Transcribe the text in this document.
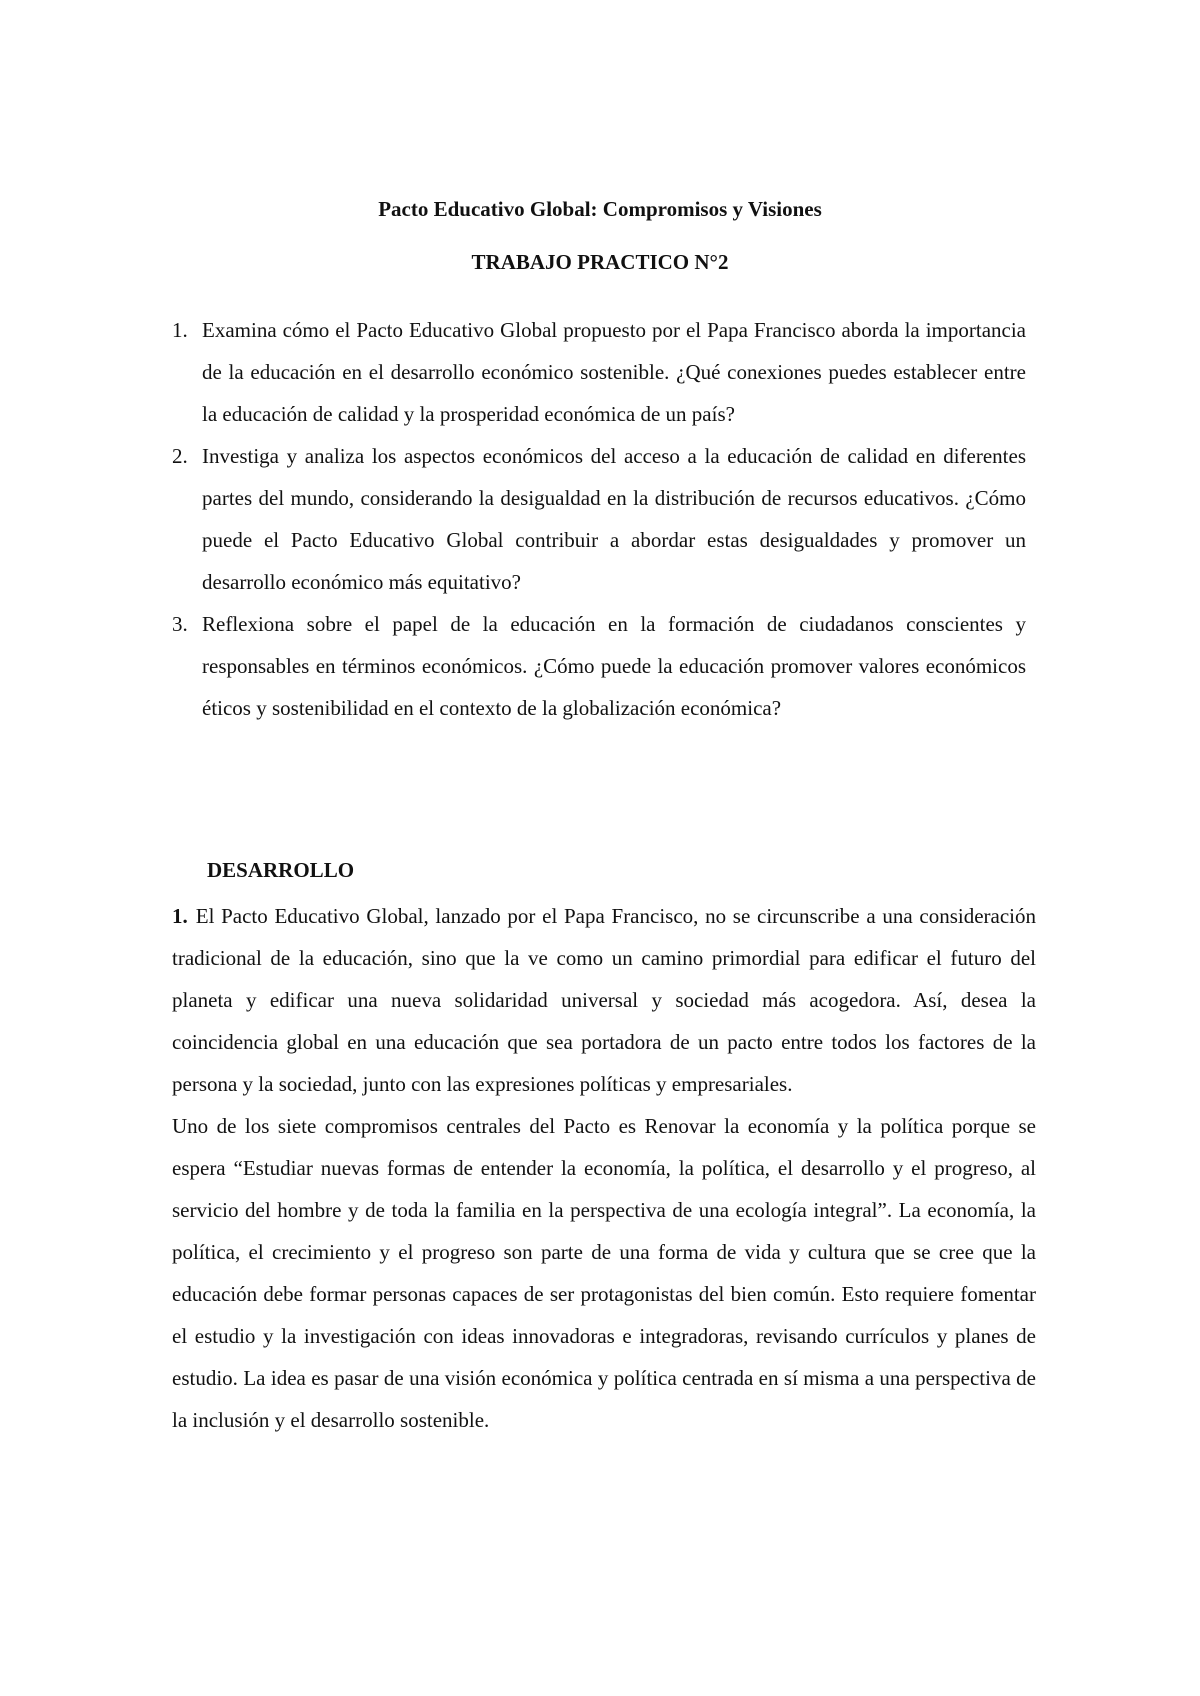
Pacto Educativo Global: Compromisos y Visiones
TRABAJO PRACTICO N°2
1. Examina cómo el Pacto Educativo Global propuesto por el Papa Francisco aborda la importancia de la educación en el desarrollo económico sostenible. ¿Qué conexiones puedes establecer entre la educación de calidad y la prosperidad económica de un país?
2. Investiga y analiza los aspectos económicos del acceso a la educación de calidad en diferentes partes del mundo, considerando la desigualdad en la distribución de recursos educativos. ¿Cómo puede el Pacto Educativo Global contribuir a abordar estas desigualdades y promover un desarrollo económico más equitativo?
3. Reflexiona sobre el papel de la educación en la formación de ciudadanos conscientes y responsables en términos económicos. ¿Cómo puede la educación promover valores económicos éticos y sostenibilidad en el contexto de la globalización económica?
DESARROLLO

1. El Pacto Educativo Global, lanzado por el Papa Francisco, no se circunscribe a una consideración tradicional de la educación, sino que la ve como un camino primordial para edificar el futuro del planeta y edificar una nueva solidaridad universal y sociedad más acogedora. Así, desea la coincidencia global en una educación que sea portadora de un pacto entre todos los factores de la persona y la sociedad, junto con las expresiones políticas y empresariales.

Uno de los siete compromisos centrales del Pacto es Renovar la economía y la política porque se espera “Estudiar nuevas formas de entender la economía, la política, el desarrollo y el progreso, al servicio del hombre y de toda la familia en la perspectiva de una ecología integral”. La economía, la política, el crecimiento y el progreso son parte de una forma de vida y cultura que se cree que la educación debe formar personas capaces de ser protagonistas del bien común. Esto requiere fomentar el estudio y la investigación con ideas innovadoras e integradoras, revisando currículos y planes de estudio. La idea es pasar de una visión económica y política centrada en sí misma a una perspectiva de la inclusión y el desarrollo sostenible.
